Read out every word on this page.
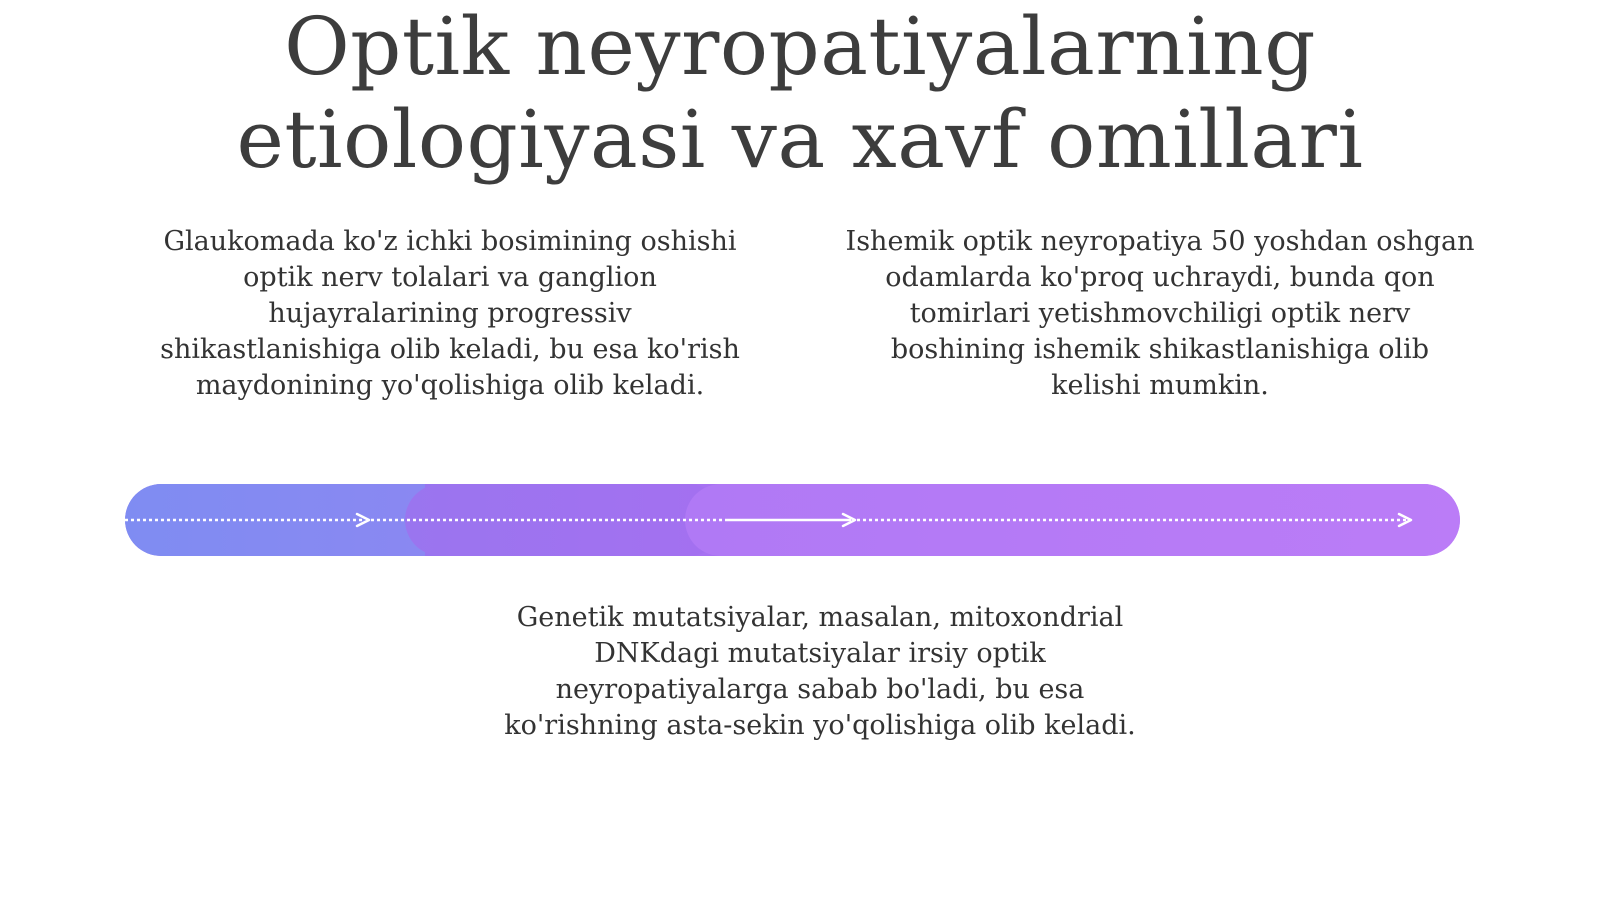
Optik neyropatiyalarning etiologiyasi va xavf omillari

Glaukomada ko'z ichki bosimining oshishi optik nerv tolalari va ganglion hujayralarining progressiv shikastlanishiga olib keladi, bu esa ko'rish maydonining yo'qolishiga olib keladi.

Ishemik optik neyropatiya 50 yoshdan oshgan odamlarda ko'proq uchraydi, bunda qon tomirlari yetishmovchiligi optik nerv boshining ishemik shikastlanishiga olib kelishi mumkin.

Genetik mutatsiyalar, masalan, mitoxondrial DNKdagi mutatsiyalar irsiy optik neyropatiyalarga sabab bo'ladi, bu esa ko'rishning asta-sekin yo'qolishiga olib keladi.
